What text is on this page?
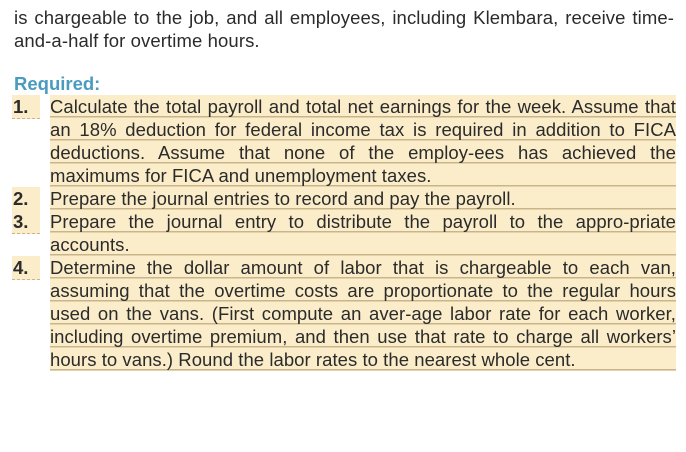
is chargeable to the job, and all employees, including Klembara, receive time-and-a-half for overtime hours.

Required:

1.	Calculate the total payroll and total net earnings for the week. Assume that an 18% deduction for federal income tax is required in addition to FICA deductions. Assume that none of the employ-ees has achieved the maximums for FICA and unemployment taxes.
2.	Prepare the journal entries to record and pay the payroll.
3.	Prepare the journal entry to distribute the payroll to the appro-priate accounts.
4.	Determine the dollar amount of labor that is chargeable to each van, assuming that the overtime costs are proportionate to the regular hours used on the vans. (First compute an aver-age labor rate for each worker, including overtime premium, and then use that rate to charge all workers’ hours to vans.) Round the labor rates to the nearest whole cent.
